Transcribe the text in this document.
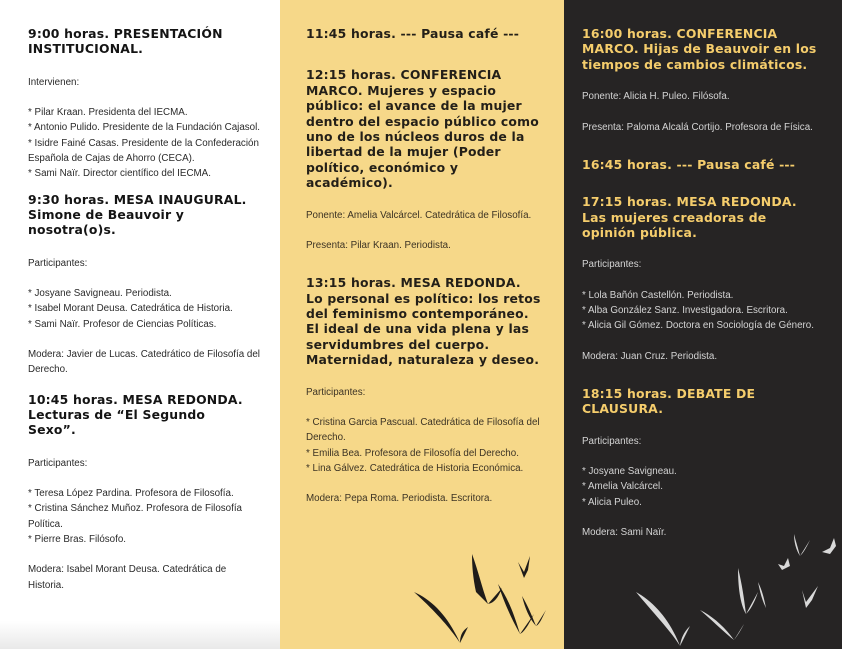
9:00 horas. PRESENTACIÓN INSTITUCIONAL.

Intervienen:

* Pilar Kraan. Presidenta del IECMA.

* Antonio Pulido. Presidente de la Fundación Cajasol.

* Isidre Fainé Casas. Presidente de la Confederación Española de Cajas de Ahorro (CECA).

* Sami Naïr. Director científico del IECMA.

9:30 horas. MESA INAUGURAL. Simone de Beauvoir y nosotra(o)s.

Participantes:

* Josyane Savigneau. Periodista.

* Isabel Morant Deusa. Catedrática de Historia.

* Sami Naïr. Profesor de Ciencias Políticas.

Modera: Javier de Lucas. Catedrático de Filosofía del Derecho.

10:45 horas. MESA REDONDA. Lecturas de “El Segundo Sexo”.

Participantes:

* Teresa López Pardina. Profesora de Filosofía.

* Cristina Sánchez Muñoz. Profesora de Filosofía Política.

* Pierre Bras. Filósofo.

Modera: Isabel Morant Deusa. Catedrática de Historia.

11:45 horas. --- Pausa café ---

12:15 horas. CONFERENCIA MARCO. Mujeres y espacio público: el avance de la mujer dentro del espacio público como uno de los núcleos duros de la libertad de la mujer (Poder político, económico y académico).

Ponente: Amelia Valcárcel. Catedrática de Filosofía.

Presenta: Pilar Kraan. Periodista.

13:15 horas. MESA REDONDA. Lo personal es político: los retos del feminismo contemporáneo. El ideal de una vida plena y las servidumbres del cuerpo. Maternidad, naturaleza y deseo.

Participantes:

* Cristina Garcia Pascual. Catedrática de Filosofía del Derecho.

* Emilia Bea. Profesora de Filosofía del Derecho.

* Lina Gálvez. Catedrática de Historia Económica.

Modera: Pepa Roma. Periodista. Escritora.

16:00 horas. CONFERENCIA MARCO. Hijas de Beauvoir en los tiempos de cambios climáticos.

Ponente: Alicia H. Puleo. Filósofa.

Presenta: Paloma Alcalá Cortijo. Profesora de Física.

16:45 horas. --- Pausa café ---

17:15 horas. MESA REDONDA. Las mujeres creadoras de opinión pública.

Participantes:

* Lola Bañón Castellón. Periodista.

* Alba González Sanz. Investigadora. Escritora.

* Alicia Gil Gómez. Doctora en Sociología de Género.

Modera: Juan Cruz. Periodista.

18:15 horas. DEBATE DE CLAUSURA.

Participantes:

* Josyane Savigneau.

* Amelia Valcárcel.

* Alicia Puleo.

Modera: Sami Naïr.
